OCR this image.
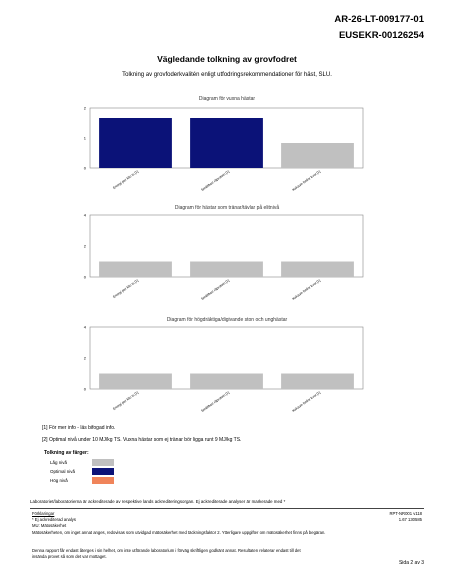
AR-26-LT-009177-01
EUSEKR-00126254
Vägledande tolkning av grovfodret
Tolkning av grovfoderkvalitén enligt utfodringsrekommendationer för häst, SLU.
Diagram för vuxna hästar
2
1
0
Energi per kilo ts [1]	Smältbart råprotein [1]	Kalcium fosfor kvot [1]
Diagram för hästar som tränar/tävlar på elitnivå
4
2
0
Energi per kilo ts [1]	Smältbart råprotein [1]	Kalcium fosfor kvot [1]
Diagram för högdräktiga/digivande ston och unghästar
4
2
0
Energi per kilo ts [1]	Smältbart råprotein [1]	Kalcium fosfor kvot [1]
[1] För mer info - läs bifogad info.
[2] Optimal nivå under 10 MJ/kg TS. Vuxna hästar som ej tränar bör ligga runt 9 MJ/kg TS.
Tolkning av färger:
Låg nivå
Optimal nivå
Hög nivå
Laboratoriet/laboratorierna är ackrediterade av respektive lands ackrediteringsorgan. Ej ackrediterade analyser är markerade med *
Förklaringar
* Ej ackrediterad analys
MU: Mätosäkerhet
Mätosäkerheten, om inget annat anges, redovisas som utvidgad mätosäkerhet med täckningsfaktor 2. Ytterligare uppgifter om mätosäkerhet finns på begäran.
Denna rapport får endast återges i sin helhet, om inte utförande laboratorium i förväg skriftligen godkänt annat. Resultaten relaterar endast till det
insända provet så som det var mottaget.
RPT-NR001 v118
1.67 130585
Sida 2 av 3
